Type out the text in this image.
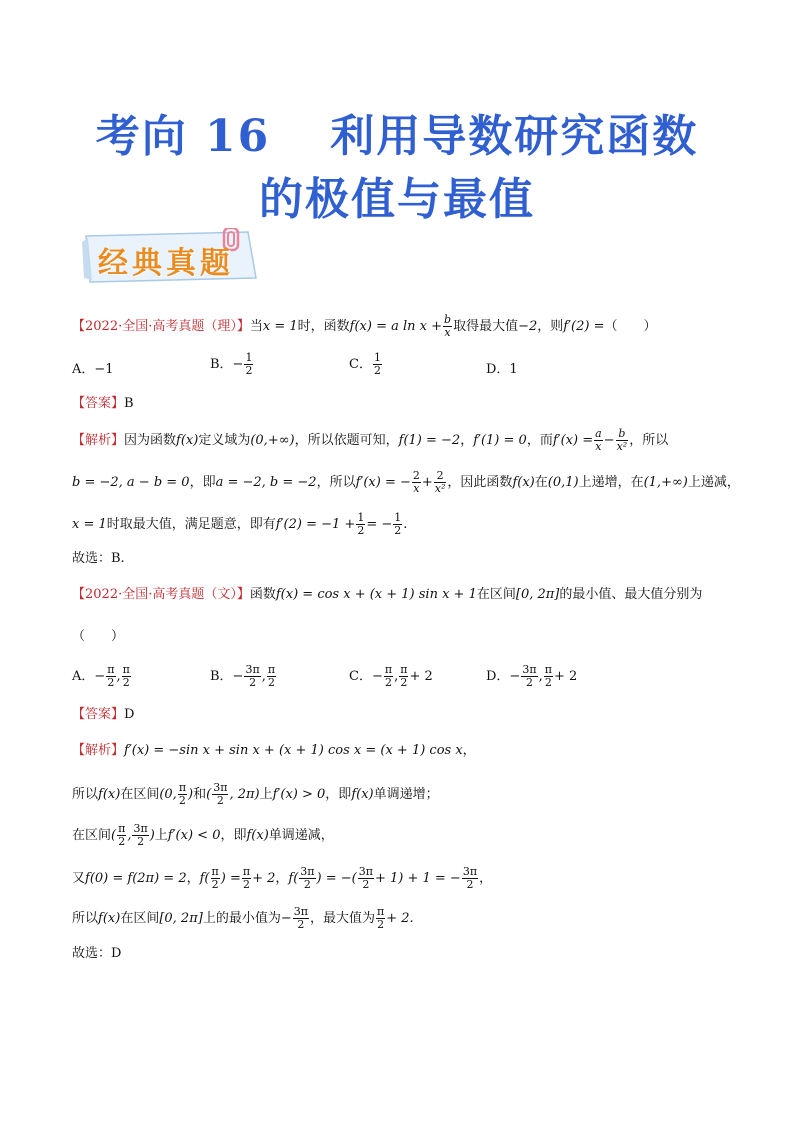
考向 16 利用导数研究函数
的极值与最值
经典真题
【2022·全国·高考真题（理）】当x = 1时，函数f(x) = a $\ln x + \frac{b}{x}$ 取得最大值−2，则f′(2) =（　　）
A．−1	B．− $\frac{1}{2}$	C． $\frac{1}{2}$	D．1
【答案】B
【解析】因为函数f(x)定义域为(0,+∞)，所以依题可知，f(1) = −2，f′(1) = 0，而$f'(x) = \frac{a}{x} - \frac{b}{\text{x²}}$ ，所以
b = −2, a − b = 0，即a = −2, b = −2，所以f′(x) = − $\frac{2}{x} + \frac{2}{\text{x²}}$ ，因此函数f(x)在(0,1)上递增，在(1,+∞)上递减，
x = 1时取最大值，满足题意，即有$f'(2) = -1 + \frac{1}{2}$ = − $\frac{1}{2}$ .
故选：B.
【2022·全国·高考真题（文）】函数f(x) = cos x + (x + 1) sin x + 1在区间[0, 2π]的最小值、最大值分别为
（　　）
A．− $\frac{\pi}{2}$ , $\frac{\pi}{2}$	B．− $\frac{3\pi}{2}$ , $\frac{\pi}{2}$	C．− $\frac{\pi}{2}$ , $\frac{\pi}{2} + 2$	D．− $\frac{3\pi}{2}$ , $\frac{\pi}{2} + 2$
【答案】D
【解析】f′(x) = −sin x + sin x + (x + 1) cos x = (x + 1) cos x，
所以f(x)在区间(0, $\frac{\pi}{2}$ )和( $\frac{3\pi}{2}$ , 2π)上f′(x) > 0，即f(x)单调递增；
在区间( $\frac{\pi}{2}$ , $\frac{3\pi}{2}$ )上f′(x) < 0，即f(x)单调递减，
又f(0) = f(2π) = 2，$f( \frac{\pi}{2}$ ) = $\frac{\pi}{2} + 2$，$f( \frac{3\pi}{2}$ ) = −( $\frac{3\pi}{2} + 1) + 1$ = − $\frac{3\pi}{2}$ ，
所以f(x)在区间[0, 2π]上的最小值为− $\frac{3\pi}{2}$ ，最大值为 $\frac{\pi}{2} + 2$.
故选：D
